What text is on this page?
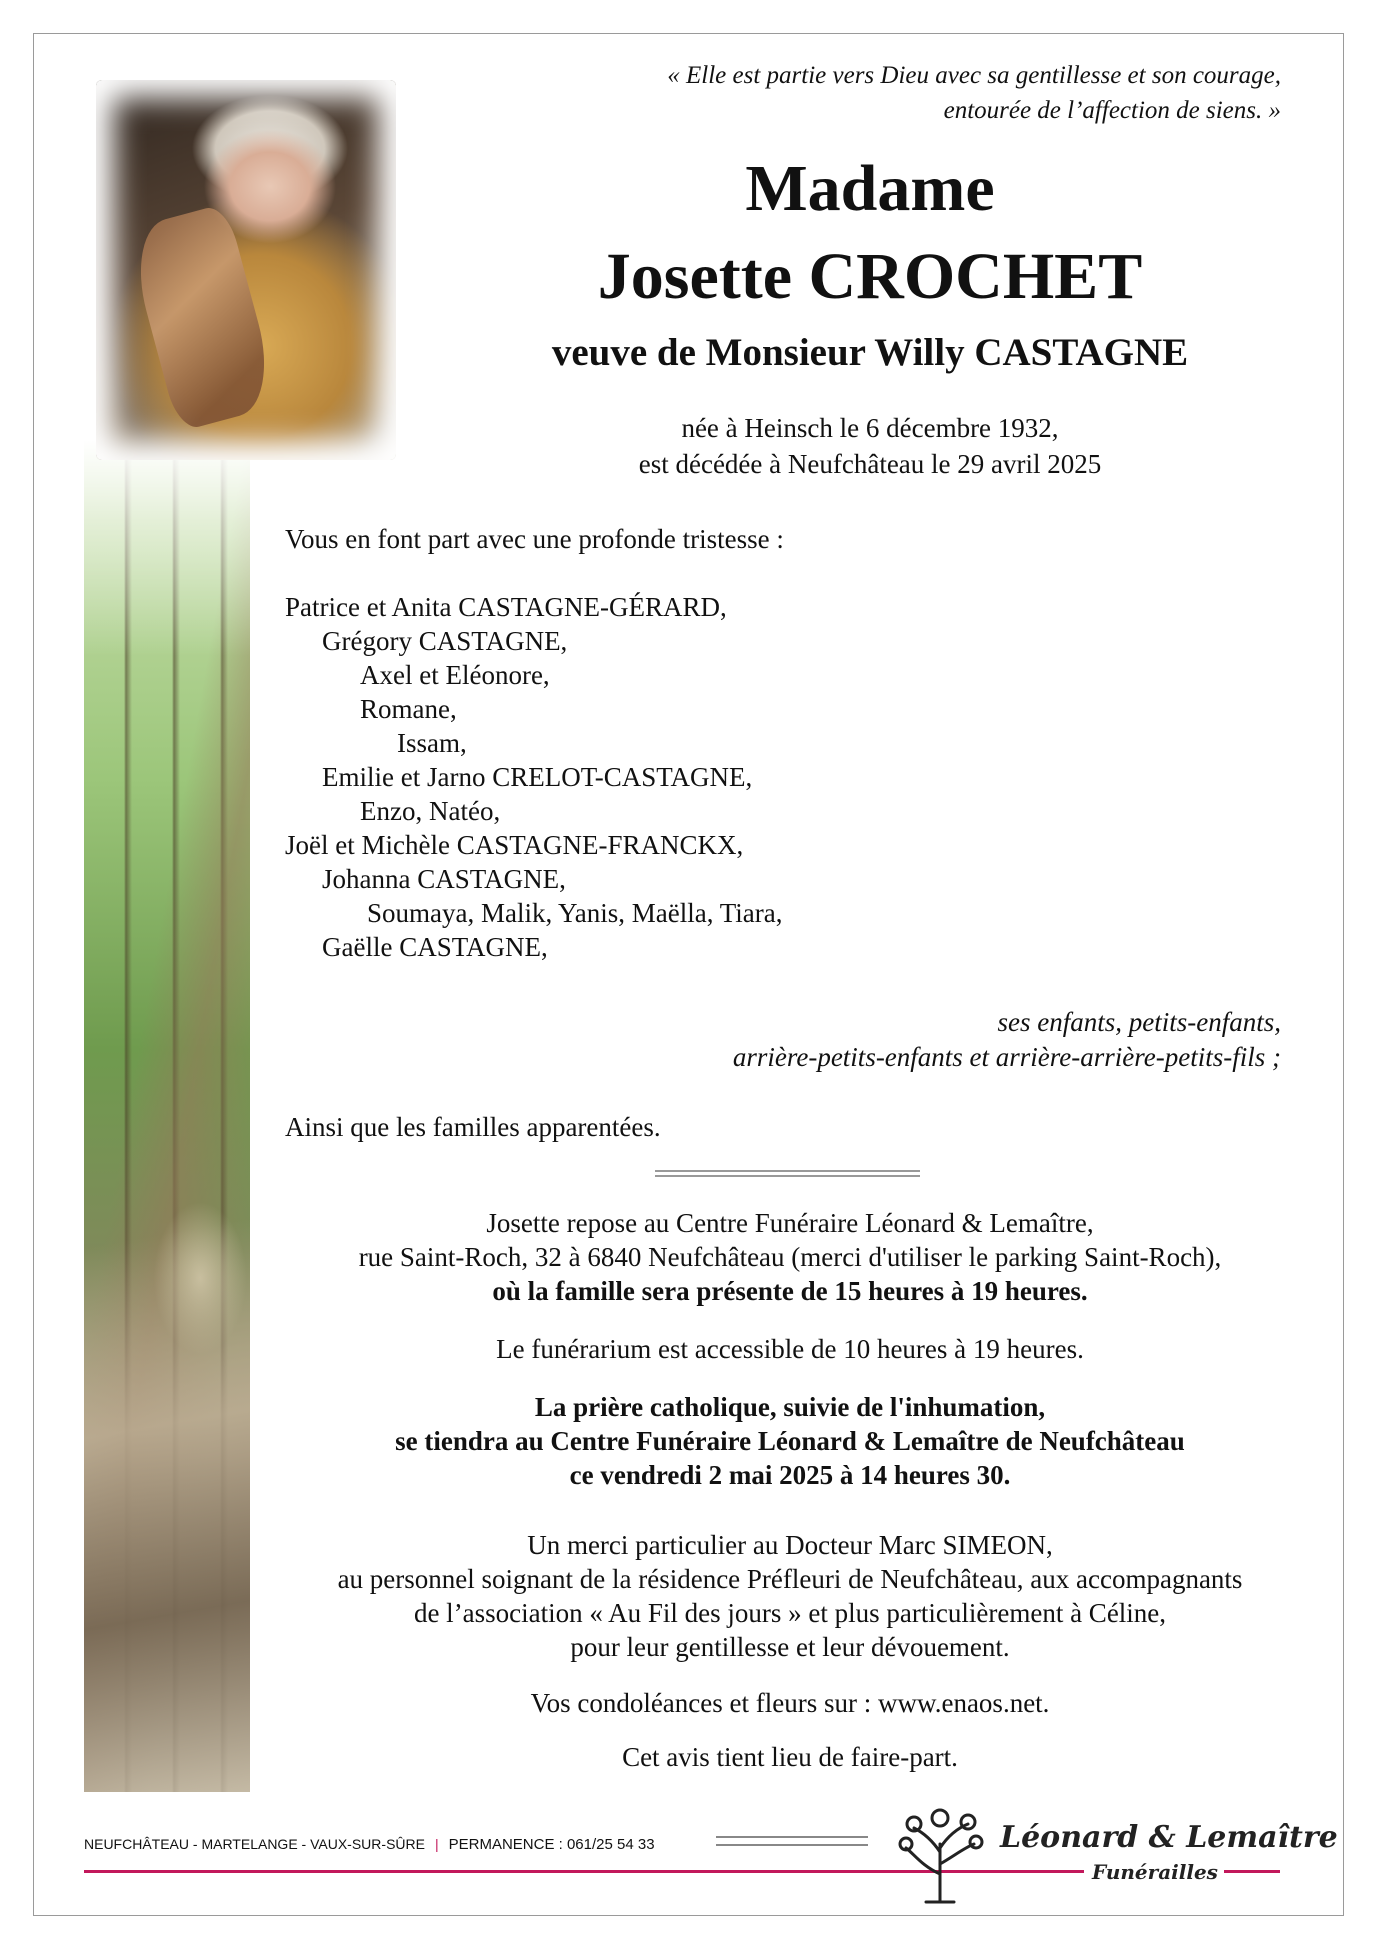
« Elle est partie vers Dieu avec sa gentillesse et son courage,
entourée de l’affection de siens. »
Madame
Josette CROCHET
veuve de Monsieur Willy CASTAGNE
née à Heinsch le 6 décembre 1932,
est décédée à Neufchâteau le 29 avril 2025
Vous en font part avec une profonde tristesse :
Patrice et Anita CASTAGNE-GÉRARD,
Grégory CASTAGNE,
Axel et Eléonore,
Romane,
Issam,
Emilie et Jarno CRELOT-CASTAGNE,
Enzo, Natéo,
Joël et Michèle CASTAGNE-FRANCKX,
Johanna CASTAGNE,
Soumaya, Malik, Yanis, Maëlla, Tiara,
Gaëlle CASTAGNE,
ses enfants, petits-enfants,
arrière-petits-enfants et arrière-arrière-petits-fils ;
Ainsi que les familles apparentées.
Josette repose au Centre Funéraire Léonard & Lemaître,
rue Saint-Roch, 32 à 6840 Neufchâteau (merci d'utiliser le parking Saint-Roch),
où la famille sera présente de 15 heures à 19 heures.
Le funérarium est accessible de 10 heures à 19 heures.
La prière catholique, suivie de l'inhumation,
se tiendra au Centre Funéraire Léonard & Lemaître de Neufchâteau
ce vendredi 2 mai 2025 à 14 heures 30.
Un merci particulier au Docteur Marc SIMEON,
au personnel soignant de la résidence Préfleuri de Neufchâteau, aux accompagnants
de l’association « Au Fil des jours » et plus particulièrement à Céline,
pour leur gentillesse et leur dévouement.
Vos condoléances et fleurs sur : www.enaos.net.
Cet avis tient lieu de faire-part.
NEUFCHÂTEAU - MARTELANGE - VAUX-SUR-SÛRE | PERMANENCE : 061/25 54 33	Léonard & Lemaître
Funérailles
